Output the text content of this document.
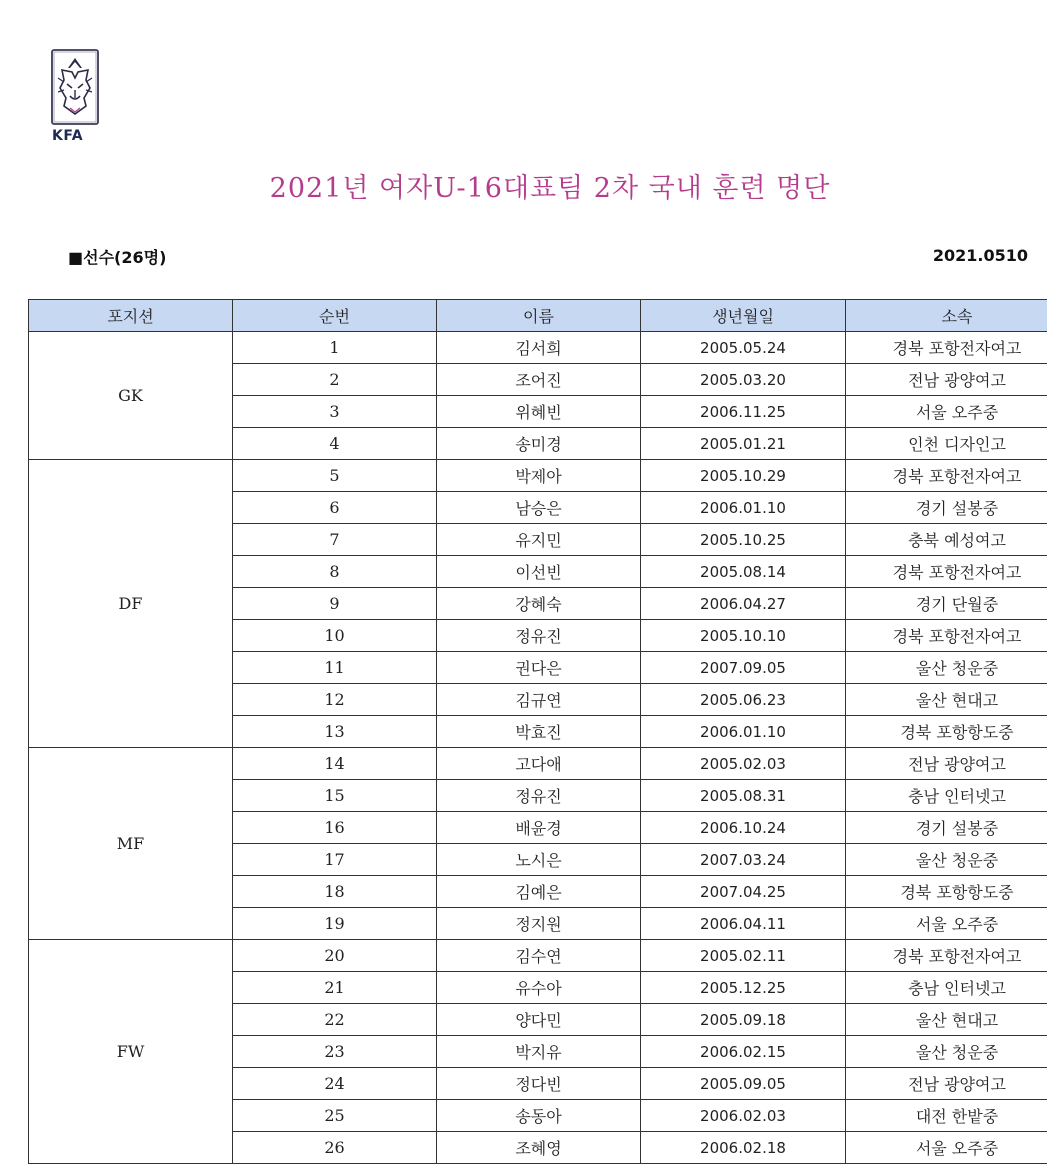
KFA
2021년 여자U-16대표팀 2차 국내 훈련 명단
■선수(26명)	2021.0510
포지션	순번	이름	생년월일	소속
GK	1	김서희	2005.05.24	경북 포항전자여고
	2	조어진	2005.03.20	전남 광양여고
	3	위혜빈	2006.11.25	서울 오주중
	4	송미경	2005.01.21	인천 디자인고
DF	5	박제아	2005.10.29	경북 포항전자여고
	6	남승은	2006.01.10	경기 설봉중
	7	유지민	2005.10.25	충북 예성여고
	8	이선빈	2005.08.14	경북 포항전자여고
	9	강혜숙	2006.04.27	경기 단월중
	10	정유진	2005.10.10	경북 포항전자여고
	11	권다은	2007.09.05	울산 청운중
	12	김규연	2005.06.23	울산 현대고
	13	박효진	2006.01.10	경북 포항항도중
MF	14	고다애	2005.02.03	전남 광양여고
	15	정유진	2005.08.31	충남 인터넷고
	16	배윤경	2006.10.24	경기 설봉중
	17	노시은	2007.03.24	울산 청운중
	18	김예은	2007.04.25	경북 포항항도중
	19	정지원	2006.04.11	서울 오주중
FW	20	김수연	2005.02.11	경북 포항전자여고
	21	유수아	2005.12.25	충남 인터넷고
	22	양다민	2005.09.18	울산 현대고
	23	박지유	2006.02.15	울산 청운중
	24	정다빈	2005.09.05	전남 광양여고
	25	송동아	2006.02.03	대전 한밭중
	26	조혜영	2006.02.18	서울 오주중
